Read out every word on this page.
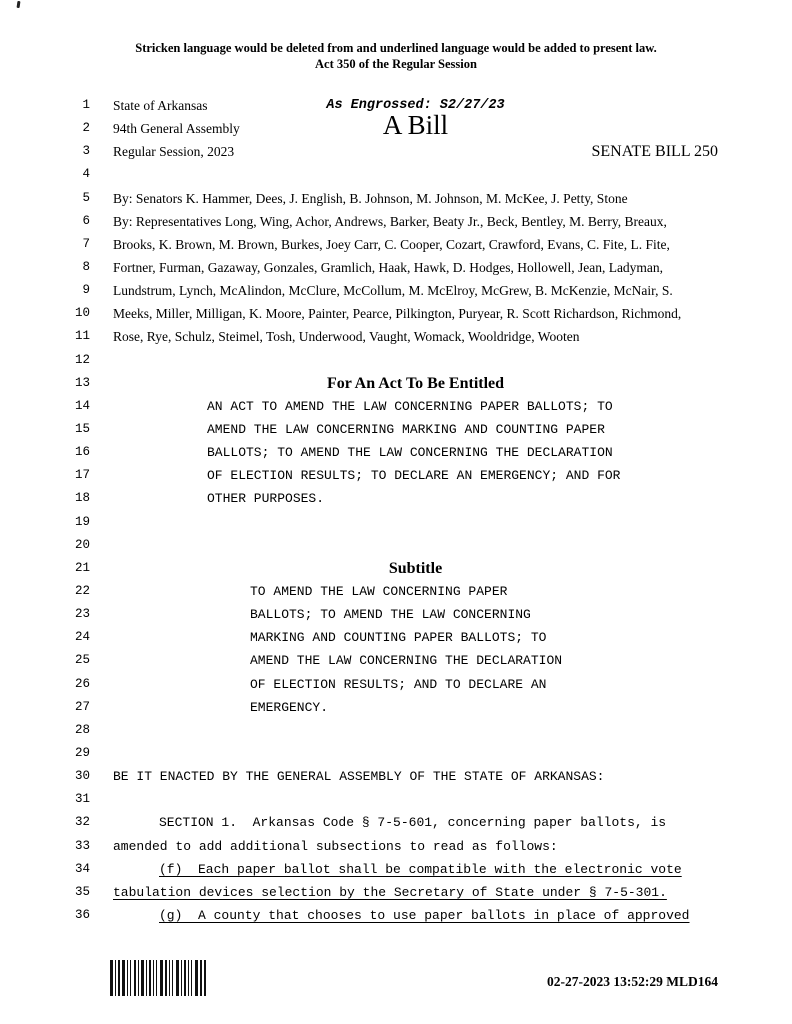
Stricken language would be deleted from and underlined language would be added to present law.
Act 350 of the Regular Session
1 State of Arkansas	As Engrossed: S2/27/23
2 94th General Assembly	A Bill
3 Regular Session, 2023	SENATE BILL 250
4
5 By: Senators K. Hammer, Dees, J. English, B. Johnson, M. Johnson, M. McKee, J. Petty, Stone
6 By: Representatives Long, Wing, Achor, Andrews, Barker, Beaty Jr., Beck, Bentley, M. Berry, Breaux,
7 Brooks, K. Brown, M. Brown, Burkes, Joey Carr, C. Cooper, Cozart, Crawford, Evans, C. Fite, L. Fite,
8 Fortner, Furman, Gazaway, Gonzales, Gramlich, Haak, Hawk, D. Hodges, Hollowell, Jean, Ladyman,
9 Lundstrum, Lynch, McAlindon, McClure, McCollum, M. McElroy, McGrew, B. McKenzie, McNair, S.
10 Meeks, Miller, Milligan, K. Moore, Painter, Pearce, Pilkington, Puryear, R. Scott Richardson, Richmond,
11 Rose, Rye, Schulz, Steimel, Tosh, Underwood, Vaught, Womack, Wooldridge, Wooten
12
13	For An Act To Be Entitled
14	AN ACT TO AMEND THE LAW CONCERNING PAPER BALLOTS; TO
15	AMEND THE LAW CONCERNING MARKING AND COUNTING PAPER
16	BALLOTS; TO AMEND THE LAW CONCERNING THE DECLARATION
17	OF ELECTION RESULTS; TO DECLARE AN EMERGENCY; AND FOR
18	OTHER PURPOSES.
19
20
21	Subtitle
22	TO AMEND THE LAW CONCERNING PAPER
23	BALLOTS; TO AMEND THE LAW CONCERNING
24	MARKING AND COUNTING PAPER BALLOTS; TO
25	AMEND THE LAW CONCERNING THE DECLARATION
26	OF ELECTION RESULTS; AND TO DECLARE AN
27	EMERGENCY.
28
29
30 BE IT ENACTED BY THE GENERAL ASSEMBLY OF THE STATE OF ARKANSAS:
31
32	SECTION 1.  Arkansas Code § 7-5-601, concerning paper ballots, is
33 amended to add additional subsections to read as follows:
34	(f)  Each paper ballot shall be compatible with the electronic vote
35 tabulation devices selection by the Secretary of State under § 7-5-301.
36	(g)  A county that chooses to use paper ballots in place of approved
02-27-2023 13:52:29 MLD164
